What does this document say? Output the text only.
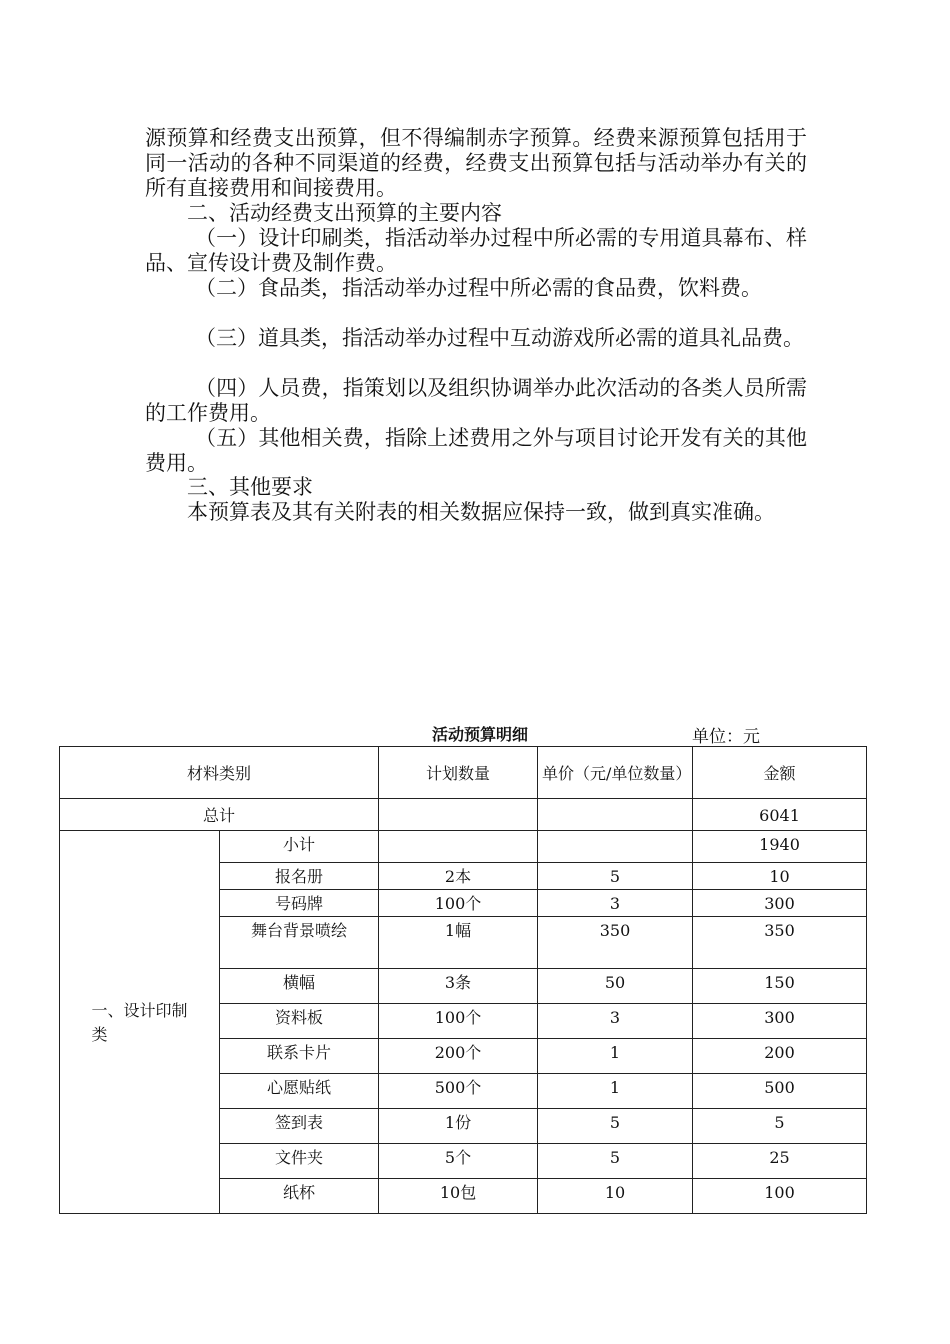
源预算和经费支出预算，但不得编制赤字预算。经费来源预算包括用于同一活动的各种不同渠道的经费，经费支出预算包括与活动举办有关的所有直接费用和间接费用。

二、活动经费支出预算的主要内容

（一）设计印刷类，指活动举办过程中所必需的专用道具幕布、样品、宣传设计费及制作费。

（二）食品类，指活动举办过程中所必需的食品费，饮料费。

（三）道具类，指活动举办过程中互动游戏所必需的道具礼品费。

（四）人员费，指策划以及组织协调举办此次活动的各类人员所需的工作费用。

（五）其他相关费，指除上述费用之外与项目讨论开发有关的其他费用。

三、其他要求

本预算表及其有关附表的相关数据应保持一致，做到真实准确。

活动预算明细	单位：元
材料类别		计划数量	单价（元/单位数量）	金额
总计				6041
一、设计印制类	小计			1940
	报名册	2本	5	10
	号码牌	100个	3	300
	舞台背景喷绘	1幅	350	350
	横幅	3条	50	150
	资料板	100个	3	300
	联系卡片	200个	1	200
	心愿贴纸	500个	1	500
	签到表	1份	5	5
	文件夹	5个	5	25
	纸杯	10包	10	100
